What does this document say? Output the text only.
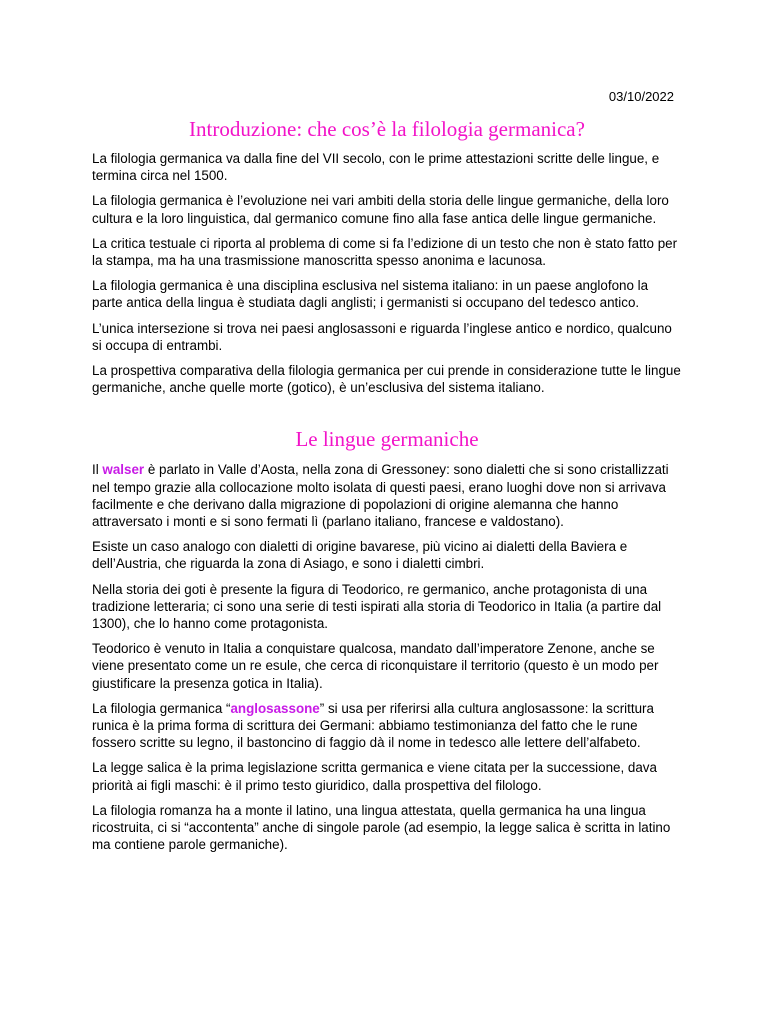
03/10/2022
Introduzione: che cos’è la filologia germanica?

La filologia germanica va dalla fine del VII secolo, con le prime attestazioni scritte delle lingue, e termina circa nel 1500.

La filologia germanica è l’evoluzione nei vari ambiti della storia delle lingue germaniche, della loro cultura e la loro linguistica, dal germanico comune fino alla fase antica delle lingue germaniche.

La critica testuale ci riporta al problema di come si fa l’edizione di un testo che non è stato fatto per la stampa, ma ha una trasmissione manoscritta spesso anonima e lacunosa.

La filologia germanica è una disciplina esclusiva nel sistema italiano: in un paese anglofono la parte antica della lingua è studiata dagli anglisti; i germanisti si occupano del tedesco antico.

L’unica intersezione si trova nei paesi anglosassoni e riguarda l’inglese antico e nordico, qualcuno si occupa di entrambi.

La prospettiva comparativa della filologia germanica per cui prende in considerazione tutte le lingue germaniche, anche quelle morte (gotico), è un’esclusiva del sistema italiano.

Le lingue germaniche

Il walser è parlato in Valle d’Aosta, nella zona di Gressoney: sono dialetti che si sono cristallizzati nel tempo grazie alla collocazione molto isolata di questi paesi, erano luoghi dove non si arrivava facilmente e che derivano dalla migrazione di popolazioni di origine alemanna che hanno attraversato i monti e si sono fermati lì (parlano italiano, francese e valdostano).

Esiste un caso analogo con dialetti di origine bavarese, più vicino ai dialetti della Baviera e dell’Austria, che riguarda la zona di Asiago, e sono i dialetti cimbri.

Nella storia dei goti è presente la figura di Teodorico, re germanico, anche protagonista di una tradizione letteraria; ci sono una serie di testi ispirati alla storia di Teodorico in Italia (a partire dal 1300), che lo hanno come protagonista.

Teodorico è venuto in Italia a conquistare qualcosa, mandato dall’imperatore Zenone, anche se viene presentato come un re esule, che cerca di riconquistare il territorio (questo è un modo per giustificare la presenza gotica in Italia).

La filologia germanica “anglosassone” si usa per riferirsi alla cultura anglosassone: la scrittura runica è la prima forma di scrittura dei Germani: abbiamo testimonianza del fatto che le rune fossero scritte su legno, il bastoncino di faggio dà il nome in tedesco alle lettere dell’alfabeto.

La legge salica è la prima legislazione scritta germanica e viene citata per la successione, dava priorità ai figli maschi: è il primo testo giuridico, dalla prospettiva del filologo.

La filologia romanza ha a monte il latino, una lingua attestata, quella germanica ha una lingua ricostruita, ci si “accontenta” anche di singole parole (ad esempio, la legge salica è scritta in latino ma contiene parole germaniche).
